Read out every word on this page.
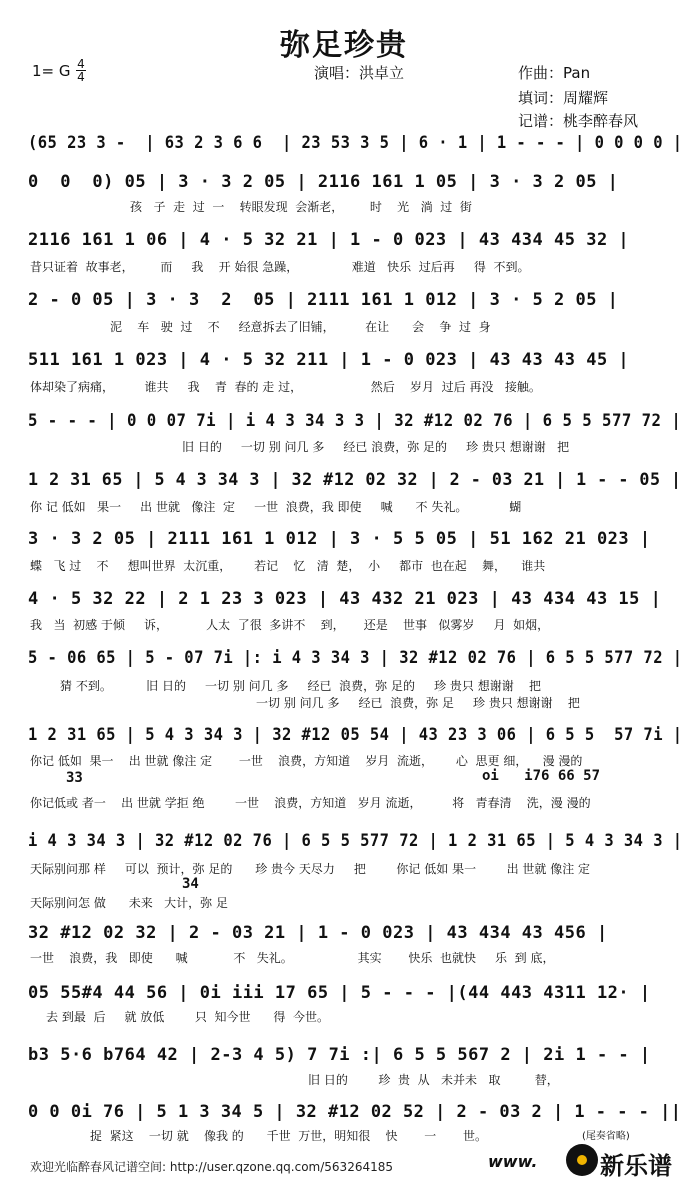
弥足珍贵
1= G 4
4	演唱：洪卓立	作曲：Pan
填词：周耀辉
记谱：桃李醉春风
(65 23 3 -  | 63 2 3 6 6  | 23 53 3 5 | 6 · 1 | 1 - - - | 0 0 0 0 |
0  0  0) 05 | 3 · 3 2 05 | 2116 161 1 05 | 3 · 3 2 05 |
2116 161 1 06 | 4 · 5 32 21 | 1 - 0 023 | 43 434 45 32 |
2 - 0 05 | 3 · 3  2  05 | 2111 161 1 012 | 3 · 5 2 05 |
511 161 1 023 | 4 · 5 32 211 | 1 - 0 023 | 43 43 43 45 |
5 - - - | 0 0 07 7i | i 4 3 34 3 3 | 32 #12 02 76 | 6 5 5 577 72 |
1 2 31 65 | 5 4 3 34 3 | 32 #12 02 32 | 2 - 03 21 | 1 - - 05 |
3 · 3 2 05 | 2111 161 1 012 | 3 · 5 5 05 | 51 162 21 023 |
4 · 5 32 22 | 2 1 23 3 023 | 43 432 21 023 | 43 434 43 15 |
5 - 06 65 | 5 - 07 7i |: i 4 3 34 3 | 32 #12 02 76 | 6 5 5 577 72 |
1 2 31 65 | 5 4 3 34 3 | 32 #12 05 54 | 43 23 3 06 | 6 5 5  57 7i |
i 4 3 34 3 | 32 #12 02 76 | 6 5 5 577 72 | 1 2 31 65 | 5 4 3 34 3 |
32 #12 02 32 | 2 - 03 21 | 1 - 0 023 | 43 434 43 456 |
05 55#4 44 56 | 0i iii 17 65 | 5 - - - |(44 443 4311 12· |
b3 5·6 b764 42 | 2-3 4 5) 7 7i :| 6 5 5 567 2 | 2i 1 - - |
0 0 0i 76 | 5 1 3 34 5 | 32 #12 02 52 | 2 - 03 2 | 1 - - - ||
孩   子  走  过  一    转眼发现  会渐老，       时    光   淌  过  街
昔只证着  故事老，       而     我    开 始很 急躁，              难道   快乐  过后再     得  不到。
泥    车   驶  过    不     经意拆去了旧铺，        在让      会    争  过  身
体却染了病痛，        谁共     我    青  春的 走 过，                  然后    岁月  过后 再没   接触。
旧 日的     一切 别 问几 多     经已 浪费，弥 足的     珍 贵只 想谢谢   把
你 记 低如   果一     出 世就   像注  定     一世  浪费，我 即使     喊      不 失礼。           蝴
蝶   飞 过    不     想叫世界  太沉重，      若记    忆   清  楚，  小     都市  也在起    舞，    谁共
我   当  初感 于倾     诉，          人太  了很  多讲不    到，     还是    世事   似雾岁     月  如烟，
猜 不到。         旧 日的     一切 别 问几 多     经已  浪费，弥 足的     珍 贵只 想谢谢    把
一切 别 问几 多     经已  浪费，弥 足     珍 贵只 想谢谢    把
你记 低如  果一    出 世就 像注 定       一世    浪费，方知道    岁月  流逝，      心  思更 细，    漫 漫的
33	oi   i76 66 57
你记低或 者一    出 世就 学拒 绝        一世    浪费，方知道   岁月 流逝，        将   青春清    洗，漫 漫的
天际别问那 样     可以  预计，弥 足的      珍 贵今 天尽力     把        你记 低如 果一        出 世就 像注 定
34
天际别问怎 做      未来   大计，弥 足
一世    浪费，我   即使      喊            不   失礼。                 其实       快乐  也就快     乐  到 底，
去 到最  后     就 放低        只  知今世      得  今世。
旧 日的        珍  贵  从   未并未   取         替，
捉  紧这    一切 就    像我 的      千世  万世，明知很    快       一       世。	(尾奏省略)
欢迎光临醉春风记谱空间: http://user.qzone.qq.com/563264185	www.	新乐谱
